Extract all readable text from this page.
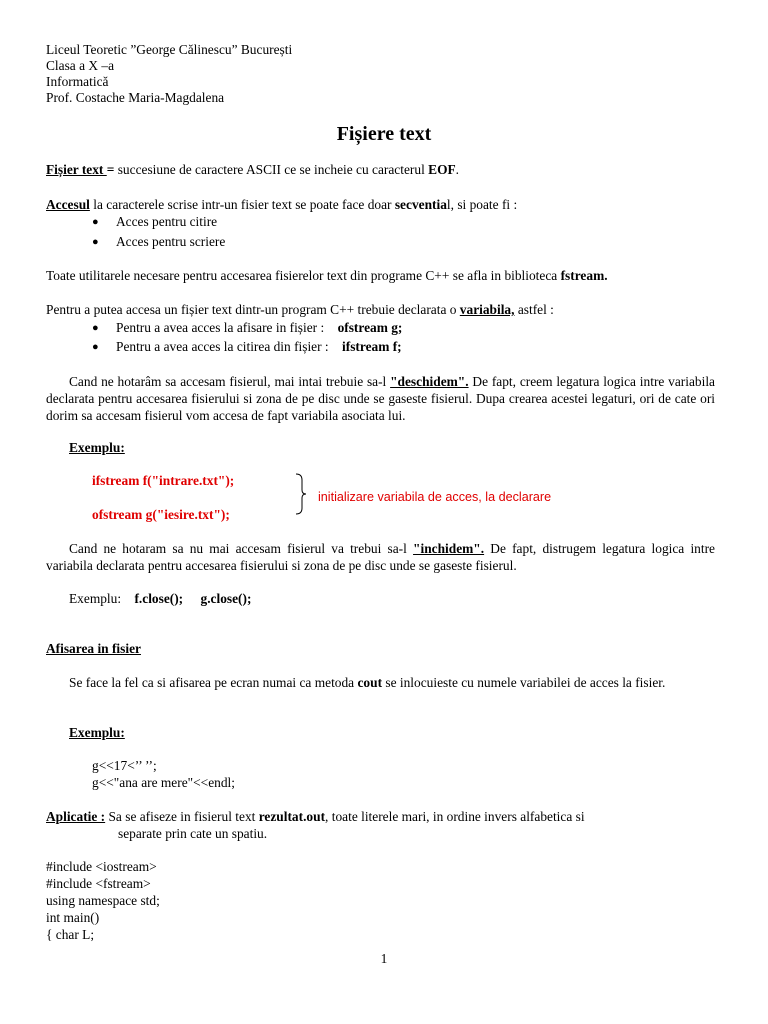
Liceul Teoretic ”George Călinescu” București
Clasa a X –a
Informatică
Prof. Costache Maria-Magdalena
Fișiere text
Fișier text = succesiune de caractere ASCII ce se incheie cu caracterul EOF.
Accesul la caracterele scrise intr-un fisier text se poate face doar secvential, si poate fi :
● Acces pentru citire
● Acces pentru scriere
Toate utilitarele necesare pentru accesarea fisierelor text din programe C++ se afla in biblioteca fstream.
Pentru a putea accesa un fișier text dintr-un program C++ trebuie declarata o variabila, astfel :
● Pentru a avea acces la afisare in fișier : ofstream g;
● Pentru a avea acces la citirea din fișier : ifstream f;
Cand ne hotarâm sa accesam fisierul, mai intai trebuie sa-l "deschidem". De fapt, creem legatura logica intre variabila declarata pentru accesarea fisierului si zona de pe disc unde se gaseste fisierul. Dupa crearea acestei legaturi, ori de cate ori dorim sa accesam fisierul vom accesa de fapt variabila asociata lui.
Exemplu:
ifstream f("intrare.txt");
ofstream g("iesire.txt");
initializare variabila de acces, la declarare
Cand ne hotaram sa nu mai accesam fisierul va trebui sa-l "inchidem". De fapt, distrugem legatura logica intre variabila declarata pentru accesarea fisierului si zona de pe disc unde se gaseste fisierul.
Exemplu: f.close(); g.close();
Afisarea in fisier
Se face la fel ca si afisarea pe ecran numai ca metoda cout se inlocuieste cu numele variabilei de acces la fisier.
Exemplu:
g<<17<’’ ’’;
g<<"ana are mere"<<endl;
Aplicatie : Sa se afiseze in fisierul text rezultat.out, toate literele mari, in ordine invers alfabetica si
separate prin cate un spatiu.
#include <iostream>
#include <fstream>
using namespace std;
int main()
{ char L;
1
